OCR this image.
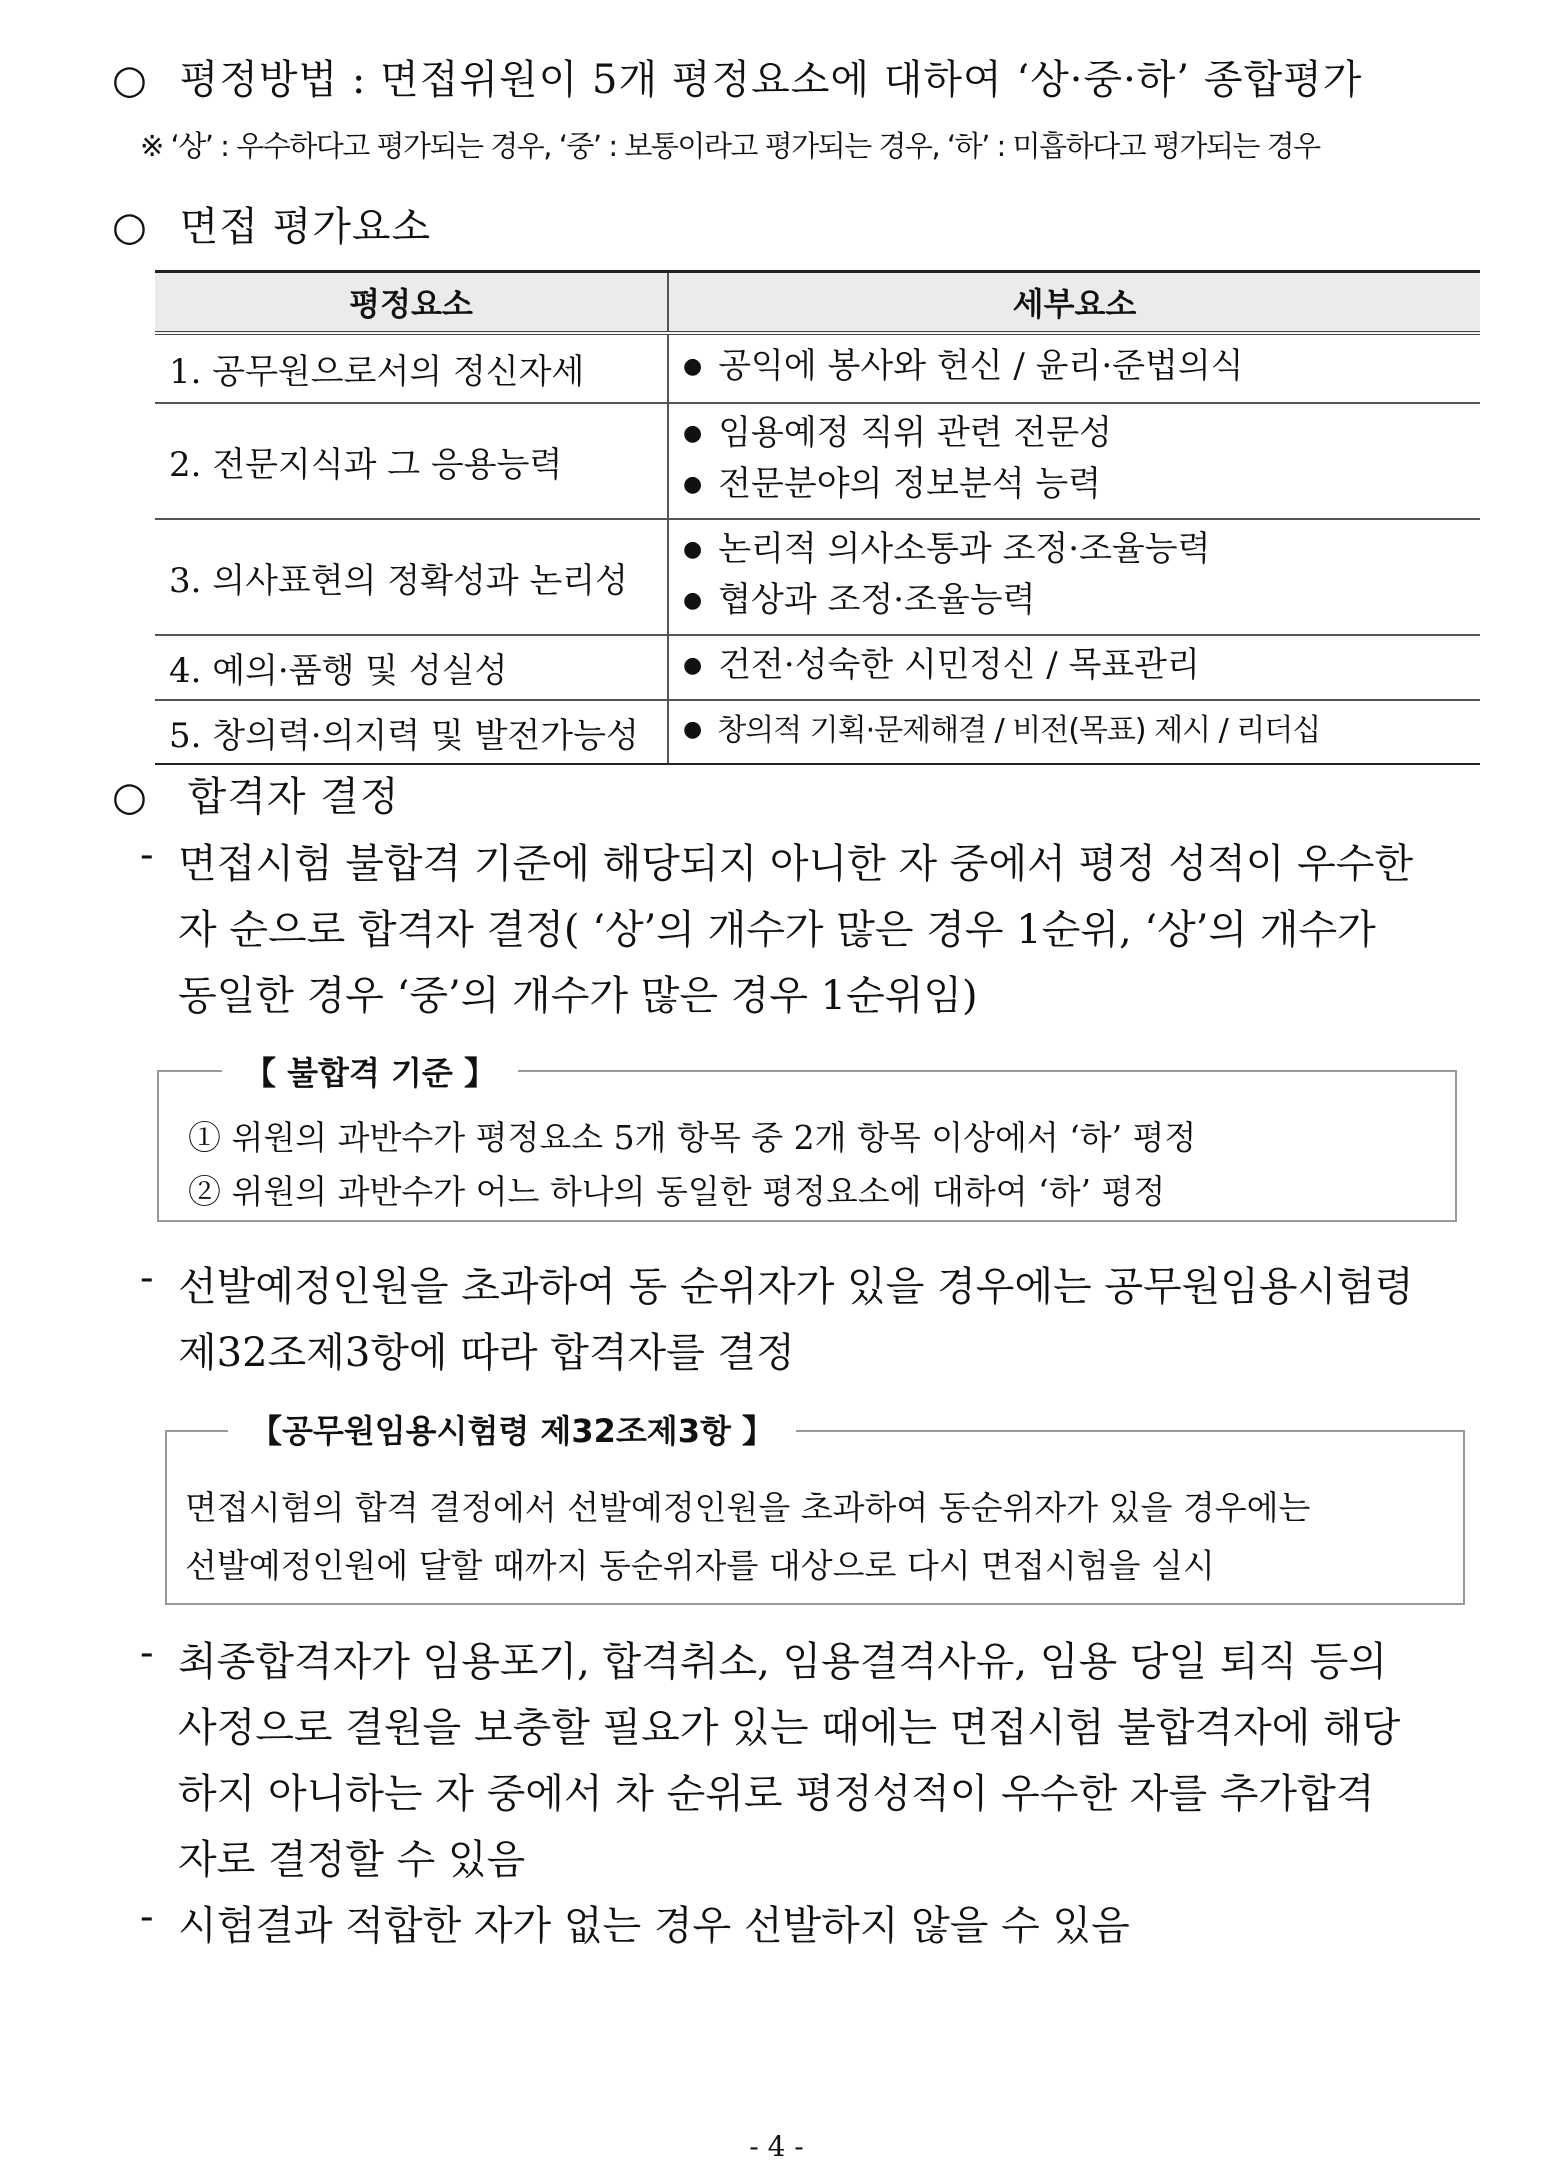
○ 평정방법 : 면접위원이 5개 평정요소에 대하여 ‘상·중·하’ 종합평가
※ ‘상’ : 우수하다고 평가되는 경우, ‘중’ : 보통이라고 평가되는 경우, ‘하’ : 미흡하다고 평가되는 경우
○ 면접 평가요소
평정요소	세부요소
1. 공무원으로서의 정신자세	● 공익에 봉사와 헌신 / 윤리·준법의식

2. 전문지식과 그 응용능력	● 임용예정 직위 관련 전문성
● 전문분야의 정보분석 능력

3. 의사표현의 정확성과 논리성	● 논리적 의사소통과 조정·조율능력
● 협상과 조정·조율능력

4. 예의·품행 및 성실성	● 건전·성숙한 시민정신 / 목표관리

5. 창의력·의지력 및 발전가능성	● 창의적 기획·문제해결 / 비전(목표) 제시 / 리더십
○ 합격자 결정
- 면접시험 불합격 기준에 해당되지 아니한 자 중에서 평정 성적이 우수한
자 순으로 합격자 결정( ‘상’의 개수가 많은 경우 1순위, ‘상’의 개수가
동일한 경우 ‘중’의 개수가 많은 경우 1순위임)
【 불합격 기준 】
① 위원의 과반수가 평정요소 5개 항목 중 2개 항목 이상에서 ‘하’ 평정
② 위원의 과반수가 어느 하나의 동일한 평정요소에 대하여 ‘하’ 평정
- 선발예정인원을 초과하여 동 순위자가 있을 경우에는 공무원임용시험령
제32조제3항에 따라 합격자를 결정
【공무원임용시험령 제32조제3항 】
면접시험의 합격 결정에서 선발예정인원을 초과하여 동순위자가 있을 경우에는
선발예정인원에 달할 때까지 동순위자를 대상으로 다시 면접시험을 실시
- 최종합격자가 임용포기, 합격취소, 임용결격사유, 임용 당일 퇴직 등의
사정으로 결원을 보충할 필요가 있는 때에는 면접시험 불합격자에 해당
하지 아니하는 자 중에서 차 순위로 평정성적이 우수한 자를 추가합격
자로 결정할 수 있음
- 시험결과 적합한 자가 없는 경우 선발하지 않을 수 있음
- 4 -
